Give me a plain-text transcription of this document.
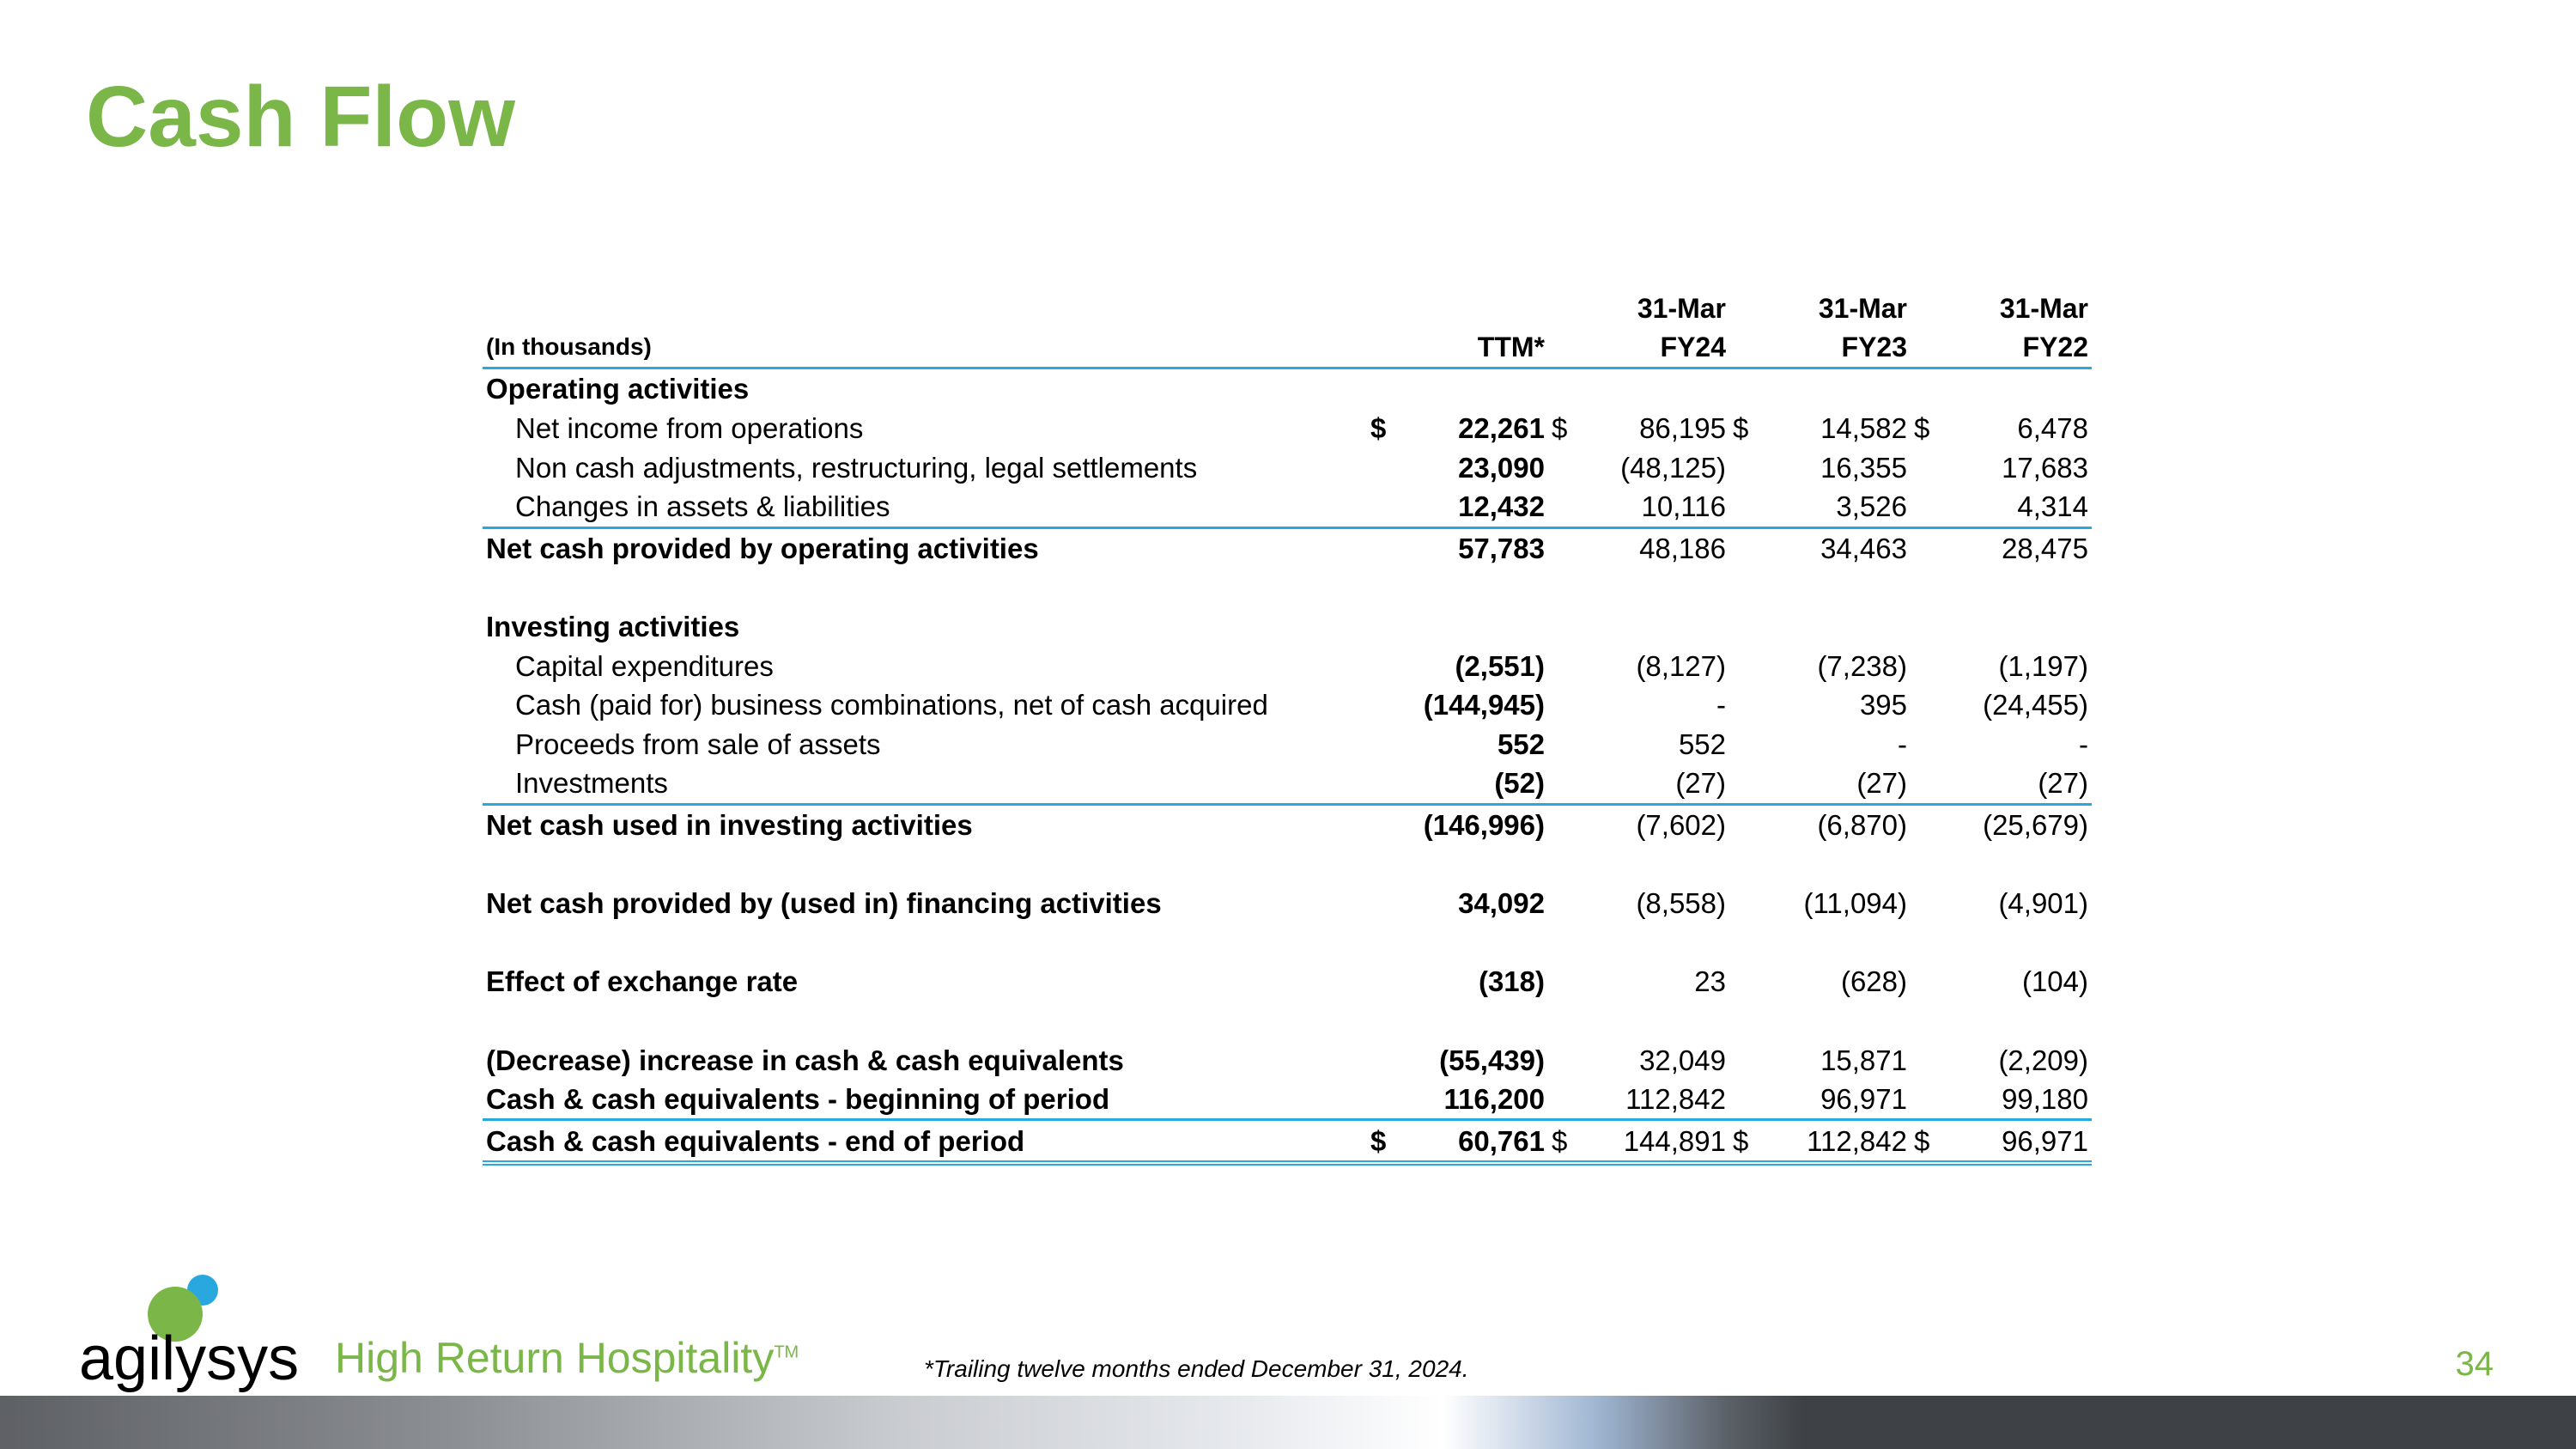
Cash Flow
		31-Mar	31-Mar	31-Mar
(In thousands)	TTM*	FY24	FY23	FY22
Operating activities				
Net income from operations	$ 22,261	$ 86,195	$ 14,582	$ 6,478

Non cash adjustments, restructuring, legal settlements	23,090	(48,125)	16,355	17,683
Changes in assets & liabilities	12,432	10,116	3,526	4,314
Net cash provided by operating activities	57,783	48,186	34,463	28,475

Investing activities				
Capital expenditures	(2,551)	(8,127)	(7,238)	(1,197)
Cash (paid for) business combinations, net of cash acquired	(144,945)	-	395	(24,455)
Proceeds from sale of assets	552	552	-	-
Investments	(52)	(27)	(27)	(27)
Net cash used in investing activities	(146,996)	(7,602)	(6,870)	(25,679)

Net cash provided by (used in) financing activities	34,092	(8,558)	(11,094)	(4,901)

Effect of exchange rate	(318)	23	(628)	(104)

(Decrease) increase in cash & cash equivalents	(55,439)	32,049	15,871	(2,209)
Cash & cash equivalents - beginning of period	116,200	112,842	96,971	99,180
Cash & cash equivalents - end of period	$ 60,761	$ 144,891	$ 112,842	$ 96,971
agilysys High Return Hospitality™

*Trailing twelve months ended December 31, 2024.	34
